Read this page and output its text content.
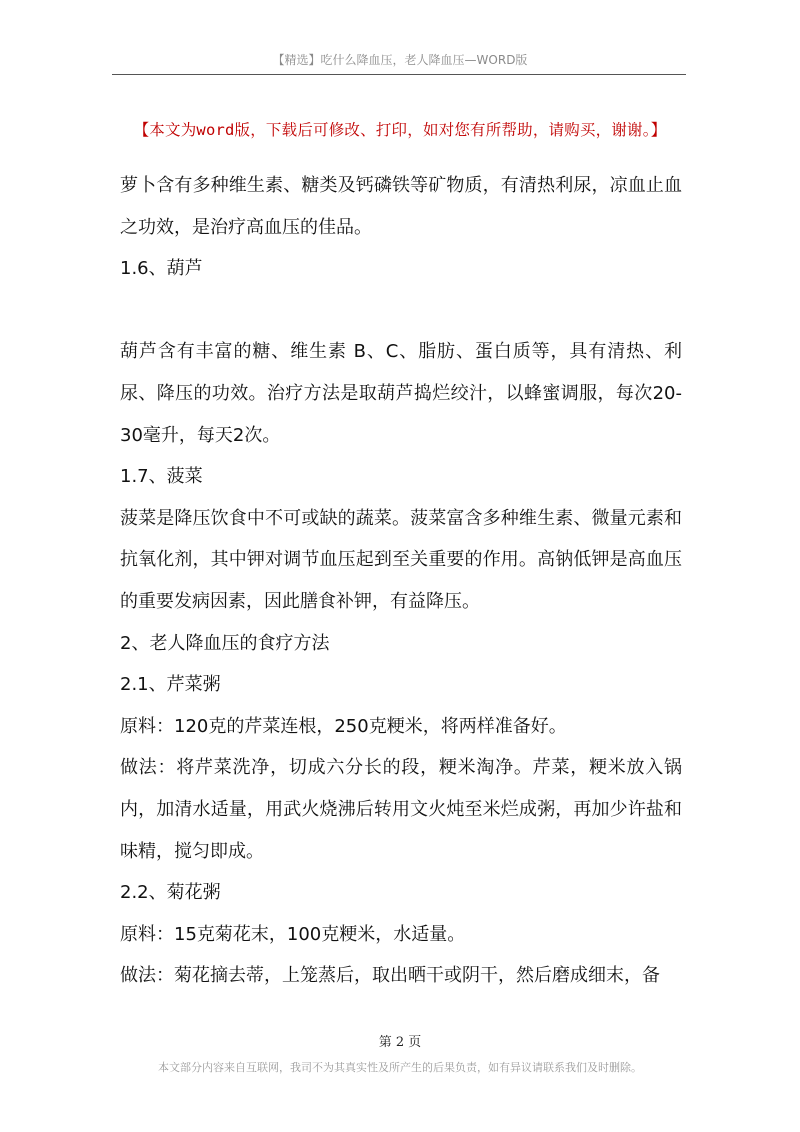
【精选】吃什么降血压，老人降血压—WORD版
【本文为word版，下载后可修改、打印，如对您有所帮助，请购买，谢谢。】

萝卜含有多种维生素、糖类及钙磷铁等矿物质，有清热利尿，凉血止血之功效，是治疗高血压的佳品。

1.6、葫芦

葫芦含有丰富的糖、维生素 B、C、脂肪、蛋白质等，具有清热、利尿、降压的功效。治疗方法是取葫芦捣烂绞汁，以蜂蜜调服，每次20-30毫升，每天2次。

1.7、菠菜

菠菜是降压饮食中不可或缺的蔬菜。菠菜富含多种维生素、微量元素和抗氧化剂，其中钾对调节血压起到至关重要的作用。高钠低钾是高血压的重要发病因素，因此膳食补钾，有益降压。

2、老人降血压的食疗方法

2.1、芹菜粥

原料：120克的芹菜连根，250克粳米，将两样准备好。

做法：将芹菜洗净，切成六分长的段，粳米淘净。芹菜，粳米放入锅内，加清水适量，用武火烧沸后转用文火炖至米烂成粥，再加少许盐和味精，搅匀即成。

2.2、菊花粥

原料：15克菊花末，100克粳米，水适量。

做法：菊花摘去蒂，上笼蒸后，取出晒干或阴干，然后磨成细末，备

第 2 页
本文部分内容来自互联网，我司不为其真实性及所产生的后果负责，如有异议请联系我们及时删除。
